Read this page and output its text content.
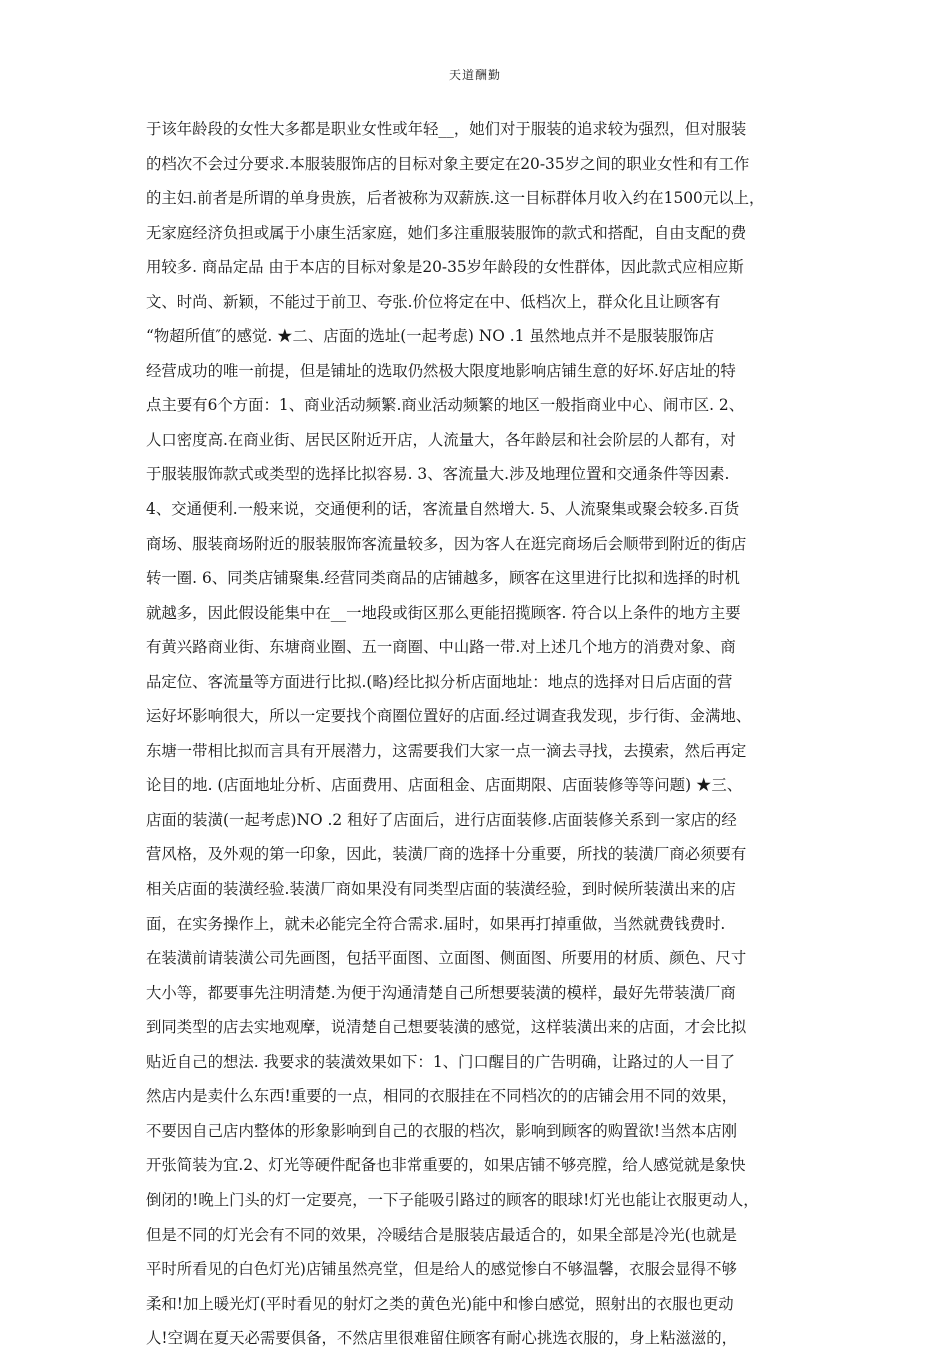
天道酬勤
于该年龄段的女性大多都是职业女性或年轻__，她们对于服装的追求较为强烈，但对服装
的档次不会过分要求.本服装服饰店的目标对象主要定在20-35岁之间的职业女性和有工作
的主妇.前者是所谓的单身贵族，后者被称为双薪族.这一目标群体月收入约在1500元以上，
无家庭经济负担或属于小康生活家庭，她们多注重服装服饰的款式和搭配，自由支配的费
用较多. 商品定品 由于本店的目标对象是20-35岁年龄段的女性群体，因此款式应相应斯
文、时尚、新颖，不能过于前卫、夸张.价位将定在中、低档次上，群众化且让顾客有
“物超所值″的感觉. ★二、店面的选址(一起考虑) NO .1 虽然地点并不是服装服饰店
经营成功的唯一前提，但是铺址的选取仍然极大限度地影响店铺生意的好坏.好店址的特
点主要有6个方面：1、商业活动频繁.商业活动频繁的地区一般指商业中心、闹市区. 2、
人口密度高.在商业街、居民区附近开店，人流量大，各年龄层和社会阶层的人都有，对
于服装服饰款式或类型的选择比拟容易. 3、客流量大.涉及地理位置和交通条件等因素.
4、交通便利.一般来说，交通便利的话，客流量自然增大. 5、人流聚集或聚会较多.百货
商场、服装商场附近的服装服饰客流量较多，因为客人在逛完商场后会顺带到附近的街店
转一圈. 6、同类店铺聚集.经营同类商品的店铺越多，顾客在这里进行比拟和选择的时机
就越多，因此假设能集中在__一地段或街区那么更能招揽顾客. 符合以上条件的地方主要
有黄兴路商业街、东塘商业圈、五一商圈、中山路一带.对上述几个地方的消费对象、商
品定位、客流量等方面进行比拟.(略)经比拟分析店面地址：地点的选择对日后店面的营
运好坏影响很大，所以一定要找个商圈位置好的店面.经过调查我发现，步行街、金满地、
东塘一带相比拟而言具有开展潜力，这需要我们大家一点一滴去寻找，去摸索，然后再定
论目的地. (店面地址分析、店面费用、店面租金、店面期限、店面装修等等问题) ★三、
店面的装潢(一起考虑)NO .2 租好了店面后，进行店面装修.店面装修关系到一家店的经
营风格，及外观的第一印象，因此，装潢厂商的选择十分重要，所找的装潢厂商必须要有
相关店面的装潢经验.装潢厂商如果没有同类型店面的装潢经验，到时候所装潢出来的店
面，在实务操作上，就未必能完全符合需求.届时，如果再打掉重做，当然就费钱费时.
在装潢前请装潢公司先画图，包括平面图、立面图、侧面图、所要用的材质、颜色、尺寸
大小等，都要事先注明清楚.为便于沟通清楚自己所想要装潢的模样，最好先带装潢厂商
到同类型的店去实地观摩，说清楚自己想要装潢的感觉，这样装潢出来的店面，才会比拟
贴近自己的想法. 我要求的装潢效果如下：1、门口醒目的广告明确，让路过的人一目了
然店内是卖什么东西!重要的一点，相同的衣服挂在不同档次的的店铺会用不同的效果，
不要因自己店内整体的形象影响到自己的衣服的档次，影响到顾客的购置欲!当然本店刚
开张简装为宜.2、灯光等硬件配备也非常重要的，如果店铺不够亮膛，给人感觉就是象快
倒闭的!晚上门头的灯一定要亮，一下子能吸引路过的顾客的眼球!灯光也能让衣服更动人，
但是不同的灯光会有不同的效果，冷暖结合是服装店最适合的，如果全部是冷光(也就是
平时所看见的白色灯光)店铺虽然亮堂，但是给人的感觉惨白不够温馨，衣服会显得不够
柔和!加上暖光灯(平时看见的射灯之类的黄色光)能中和惨白感觉，照射出的衣服也更动
人!空调在夏天必需要俱备，不然店里很难留住顾客有耐心挑选衣服的，身上粘滋滋的，
